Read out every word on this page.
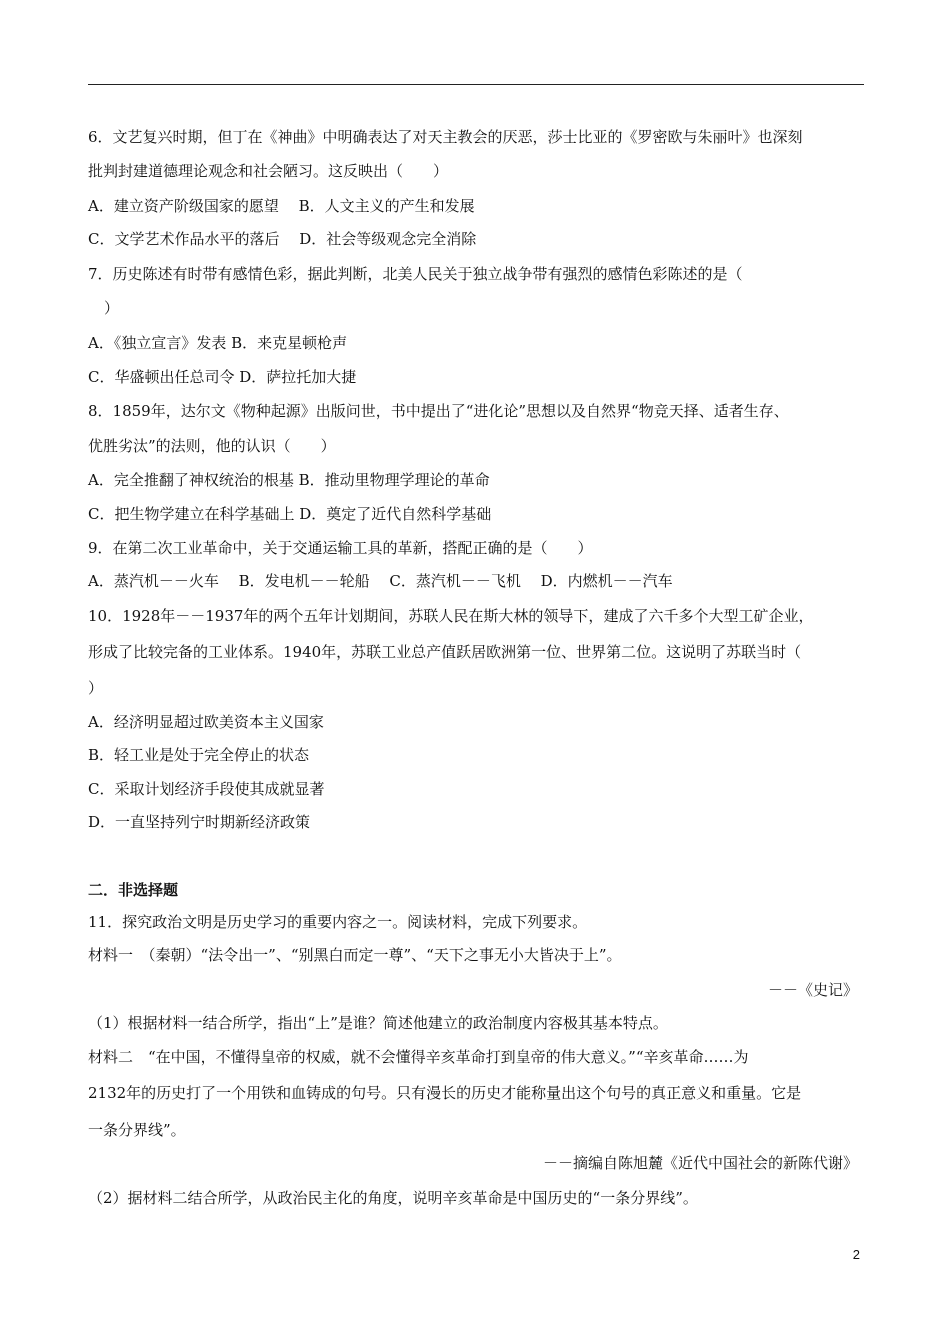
6．文艺复兴时期，但丁在《神曲》中明确表达了对天主教会的厌恶，莎士比亚的《罗密欧与朱丽叶》也深刻
批判封建道德理论观念和社会陋习。这反映出（　　）
A．建立资产阶级国家的愿望　 B．人文主义的产生和发展
C．文学艺术作品水平的落后　 D．社会等级观念完全消除
7．历史陈述有时带有感情色彩，据此判断，北美人民关于独立战争带有强烈的感情色彩陈述的是（
）
A．《独立宣言》发表 B．来克星顿枪声
C．华盛顿出任总司令 D．萨拉托加大捷
8．1859年，达尔文《物种起源》出版问世，书中提出了“进化论”思想以及自然界“物竞天择、适者生存、
优胜劣汰”的法则，他的认识（　　）
A．完全推翻了神权统治的根基 B．推动里物理学理论的革命
C．把生物学建立在科学基础上 D．奠定了近代自然科学基础
9．在第二次工业革命中，关于交通运输工具的革新，搭配正确的是（　　）
A．蒸汽机－－火车　 B．发电机－－轮船　 C．蒸汽机－－飞机　 D．内燃机－－汽车
10．1928年－－1937年的两个五年计划期间，苏联人民在斯大林的领导下，建成了六千多个大型工矿企业，
形成了比较完备的工业体系。1940年，苏联工业总产值跃居欧洲第一位、世界第二位。这说明了苏联当时（
）
A．经济明显超过欧美资本主义国家
B．轻工业是处于完全停止的状态
C．采取计划经济手段使其成就显著
D．一直坚持列宁时期新经济政策
二．非选择题
11．探究政治文明是历史学习的重要内容之一。阅读材料，完成下列要求。
材料一　（秦朝）“法令出一”、“别黑白而定一尊”、“天下之事无小大皆决于上”。
－－《史记》
（1）根据材料一结合所学，指出“上”是谁？简述他建立的政治制度内容极其基本特点。
材料二　“在中国，不懂得皇帝的权威，就不会懂得辛亥革命打到皇帝的伟大意义。”“辛亥革命……为
2132年的历史打了一个用铁和血铸成的句号。只有漫长的历史才能称量出这个句号的真正意义和重量。它是
一条分界线”。
－－摘编自陈旭麓《近代中国社会的新陈代谢》
（2）据材料二结合所学，从政治民主化的角度，说明辛亥革命是中国历史的“一条分界线”。
2
